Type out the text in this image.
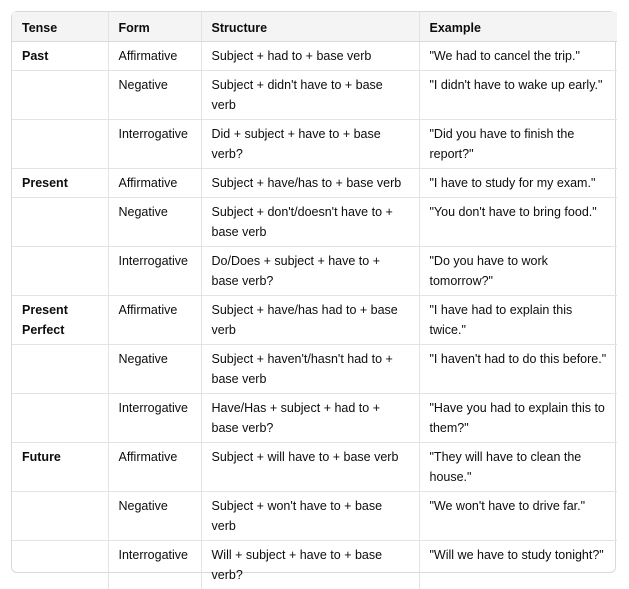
Tense	Form	Structure	Example
Past	Affirmative	Subject + had to + base verb	"We had to cancel the trip."
	Negative	Subject + didn't have to + base verb	"I didn't have to wake up early."
	Interrogative	Did + subject + have to + base verb?	"Did you have to finish the report?"
Present	Affirmative	Subject + have/has to + base verb	"I have to study for my exam."
	Negative	Subject + don't/doesn't have to + base verb	"You don't have to bring food."
	Interrogative	Do/Does + subject + have to + base verb?	"Do you have to work tomorrow?"
Present Perfect	Affirmative	Subject + have/has had to + base verb	"I have had to explain this twice."
	Negative	Subject + haven't/hasn't had to + base verb	"I haven't had to do this before."
	Interrogative	Have/Has + subject + had to + base verb?	"Have you had to explain this to them?"
Future	Affirmative	Subject + will have to + base verb	"They will have to clean the house."
	Negative	Subject + won't have to + base verb	"We won't have to drive far."
	Interrogative	Will + subject + have to + base verb?	"Will we have to study tonight?"
